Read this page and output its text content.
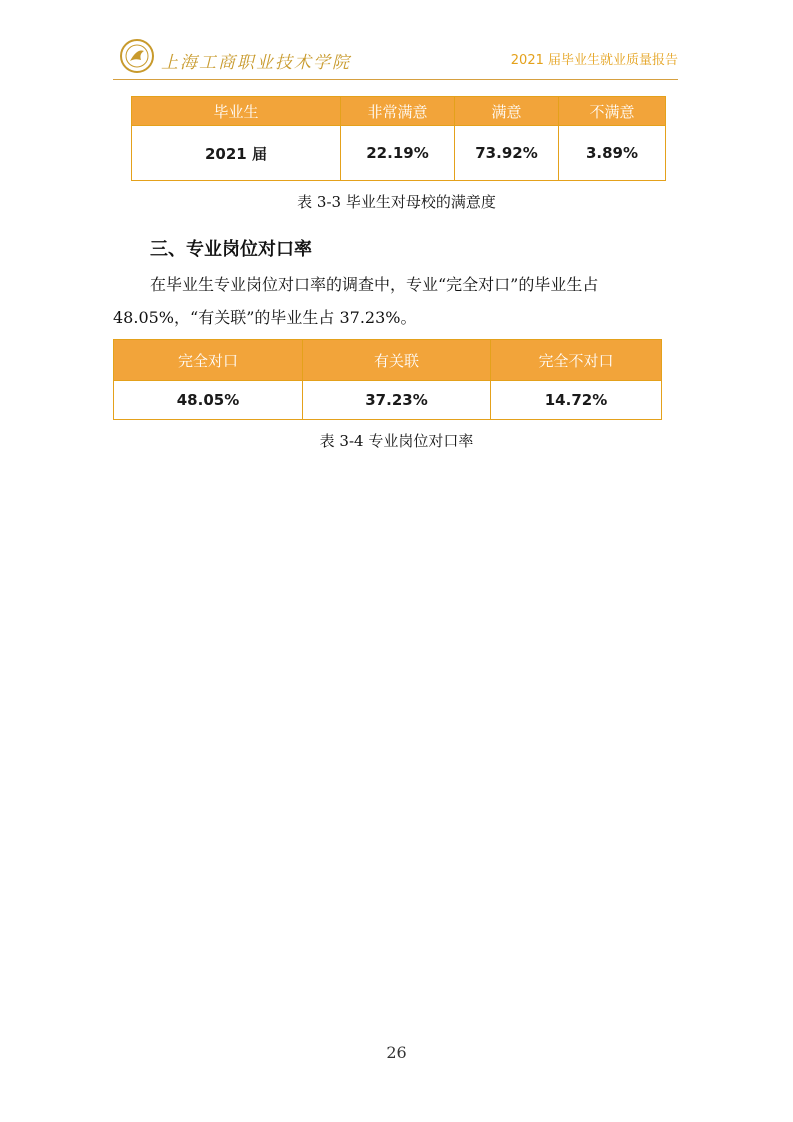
上海工商职业技术学院	2021 届毕业生就业质量报告
毕业生	非常满意	满意	不满意
2021 届	22.19%	73.92%	3.89%
表 3-3 毕业生对母校的满意度
三、专业岗位对口率
在毕业生专业岗位对口率的调查中，专业“完全对口”的毕业生占
48.05%，“有关联”的毕业生占 37.23%。
完全对口	有关联	完全不对口
48.05%	37.23%	14.72%
表 3-4 专业岗位对口率
26
